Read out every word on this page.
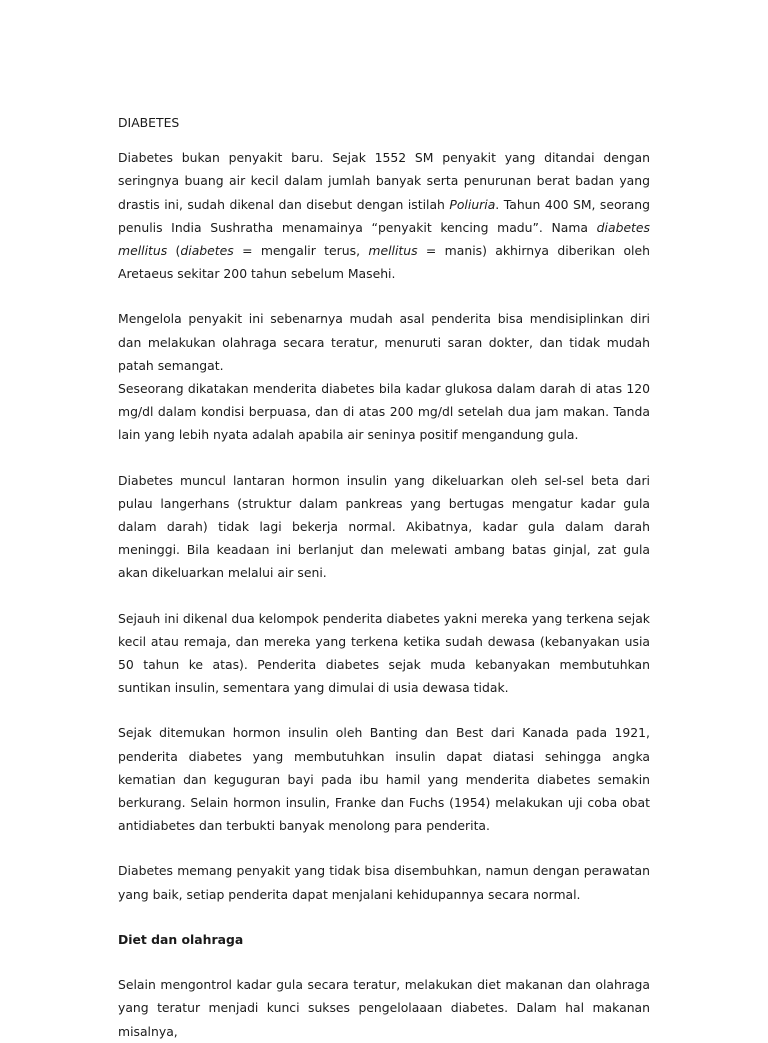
DIABETES

Diabetes bukan penyakit baru. Sejak 1552 SM penyakit yang ditandai dengan seringnya buang air kecil dalam jumlah banyak serta penurunan berat badan yang drastis ini, sudah dikenal dan disebut dengan istilah Poliuria. Tahun 400 SM, seorang penulis India Sushratha menamainya “penyakit kencing madu”. Nama diabetes mellitus (diabetes = mengalir terus, mellitus = manis) akhirnya diberikan oleh Aretaeus sekitar 200 tahun sebelum Masehi.

Mengelola penyakit ini sebenarnya mudah asal penderita bisa mendisiplinkan diri dan melakukan olahraga secara teratur, menuruti saran dokter, dan tidak mudah patah semangat.

Seseorang dikatakan menderita diabetes bila kadar glukosa dalam darah di atas 120 mg/dl dalam kondisi berpuasa, dan di atas 200 mg/dl setelah dua jam makan. Tanda lain yang lebih nyata adalah apabila air seninya positif mengandung gula.

Diabetes muncul lantaran hormon insulin yang dikeluarkan oleh sel-sel beta dari pulau langerhans (struktur dalam pankreas yang bertugas mengatur kadar gula dalam darah) tidak lagi bekerja normal. Akibatnya, kadar gula dalam darah meninggi. Bila keadaan ini berlanjut dan melewati ambang batas ginjal, zat gula akan dikeluarkan melalui air seni.

Sejauh ini dikenal dua kelompok penderita diabetes yakni mereka yang terkena sejak kecil atau remaja, dan mereka yang terkena ketika sudah dewasa (kebanyakan usia 50 tahun ke atas). Penderita diabetes sejak muda kebanyakan membutuhkan suntikan insulin, sementara yang dimulai di usia dewasa tidak.

Sejak ditemukan hormon insulin oleh Banting dan Best dari Kanada pada 1921, penderita diabetes yang membutuhkan insulin dapat diatasi sehingga angka kematian dan keguguran bayi pada ibu hamil yang menderita diabetes semakin berkurang. Selain hormon insulin, Franke dan Fuchs (1954) melakukan uji coba obat antidiabetes dan terbukti banyak menolong para penderita.

Diabetes memang penyakit yang tidak bisa disembuhkan, namun dengan perawatan yang baik, setiap penderita dapat menjalani kehidupannya secara normal.

Diet dan olahraga

Selain mengontrol kadar gula secara teratur, melakukan diet makanan dan olahraga yang teratur menjadi kunci sukses pengelolaaan diabetes. Dalam hal makanan misalnya,
